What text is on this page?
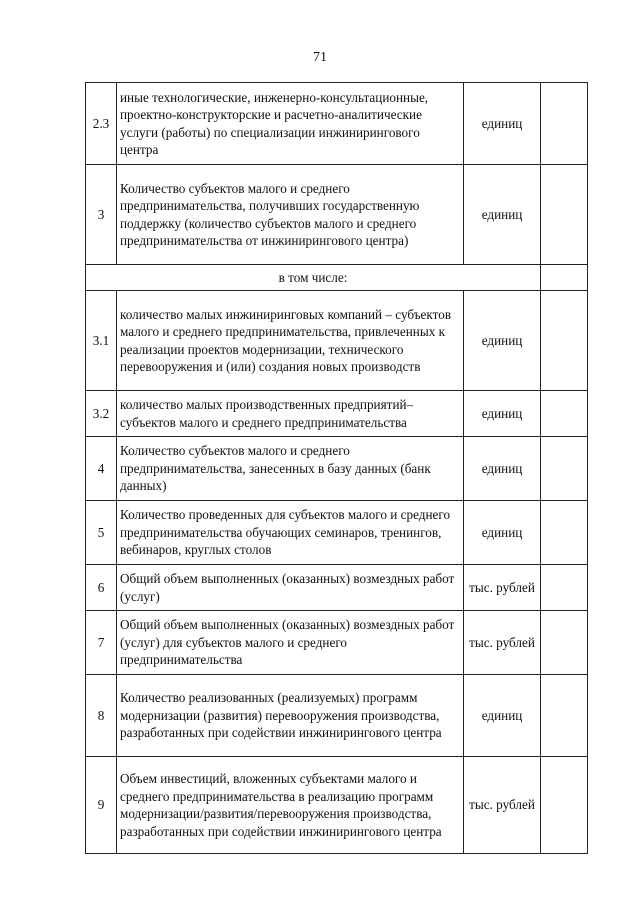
71
2.3	иные технологические, инженерно-консультационные, проектно-конструкторские и расчетно-аналитические услуги (работы) по специализации инжинирингового центра	единиц	
3	Количество субъектов малого и среднего предпринимательства, получивших государственную поддержку (количество субъектов малого и среднего предпринимательства от инжинирингового центра)	единиц	
в том числе:			
3.1	количество малых инжиниринговых компаний – субъектов малого и среднего предпринимательства, привлеченных к реализации проектов модернизации, технического перевооружения и (или) создания новых производств	единиц	
3.2	количество малых производственных предприятий– субъектов малого и среднего предпринимательства	единиц	
4	Количество субъектов малого и среднего предпринимательства, занесенных в базу данных (банк данных)	единиц	
5	Количество проведенных для субъектов малого и среднего предпринимательства обучающих семинаров, тренингов, вебинаров, круглых столов	единиц	
6	Общий объем выполненных (оказанных) возмездных работ (услуг)	тыс. рублей	
7	Общий объем выполненных (оказанных) возмездных работ (услуг) для субъектов малого и среднего предпринимательства	тыс. рублей	
8	Количество реализованных (реализуемых) программ модернизации (развития) перевооружения производства, разработанных при содействии инжинирингового центра	единиц	
9	Объем инвестиций, вложенных субъектами малого и среднего предпринимательства в реализацию программ модернизации/развития/перевооружения производства, разработанных при содействии инжинирингового центра	тыс. рублей	
